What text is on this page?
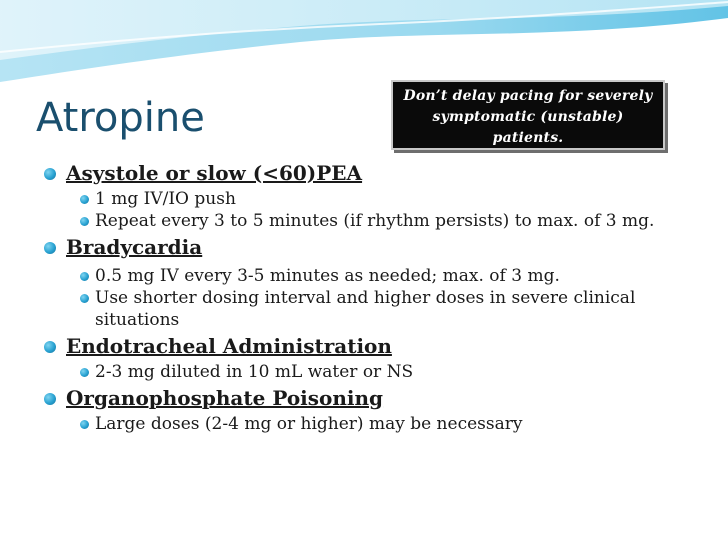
Atropine	Don’t delay pacing for severely symptomatic (unstable) patients.
Asystole or slow (<60)PEA
1 mg IV/IO push
Repeat every 3 to 5 minutes (if rhythm persists) to max. of 3 mg.
Bradycardia
0.5 mg IV every 3-5 minutes as needed; max. of 3 mg.
Use shorter dosing interval and higher doses in severe clinical situations
Endotracheal Administration
2-3 mg diluted in 10 mL water or NS
Organophosphate Poisoning
Large doses (2-4 mg or higher) may be necessary
